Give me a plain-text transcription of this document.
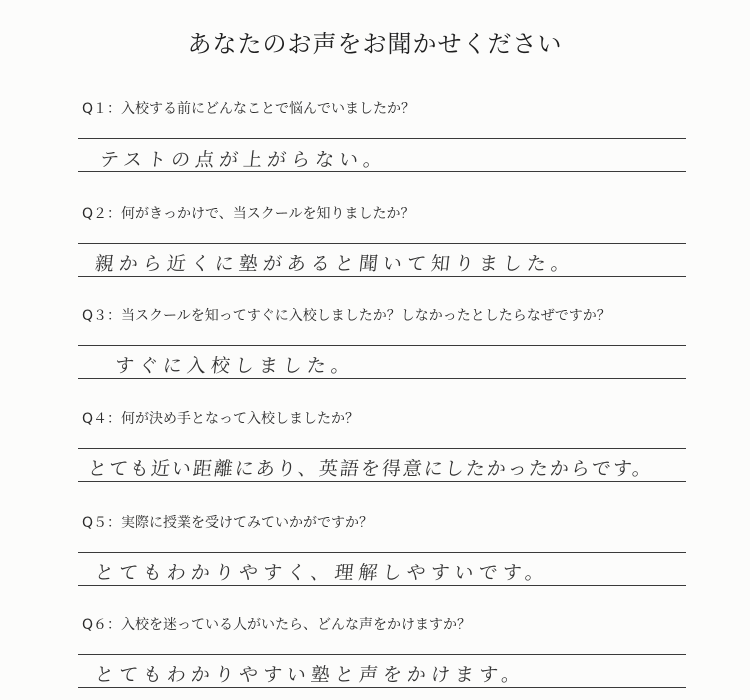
あなたのお声をお聞かせください
Q１：入校する前にどんなことで悩んでいましたか？
テストの点が上がらない。
Q２：何がきっかけで、当スクールを知りましたか？
親から近くに塾があると聞いて知りました。
Q３：当スクールを知ってすぐに入校しましたか？しなかったとしたらなぜですか？
すぐに入校しました。
Q４：何が決め手となって入校しましたか？
とても近い距離にあり、英語を得意にしたかったからです。
Q５：実際に授業を受けてみていかがですか？
とてもわかりやすく、理解しやすいです。
Q６：入校を迷っている人がいたら、どんな声をかけますか？
とてもわかりやすい塾と声をかけます。
